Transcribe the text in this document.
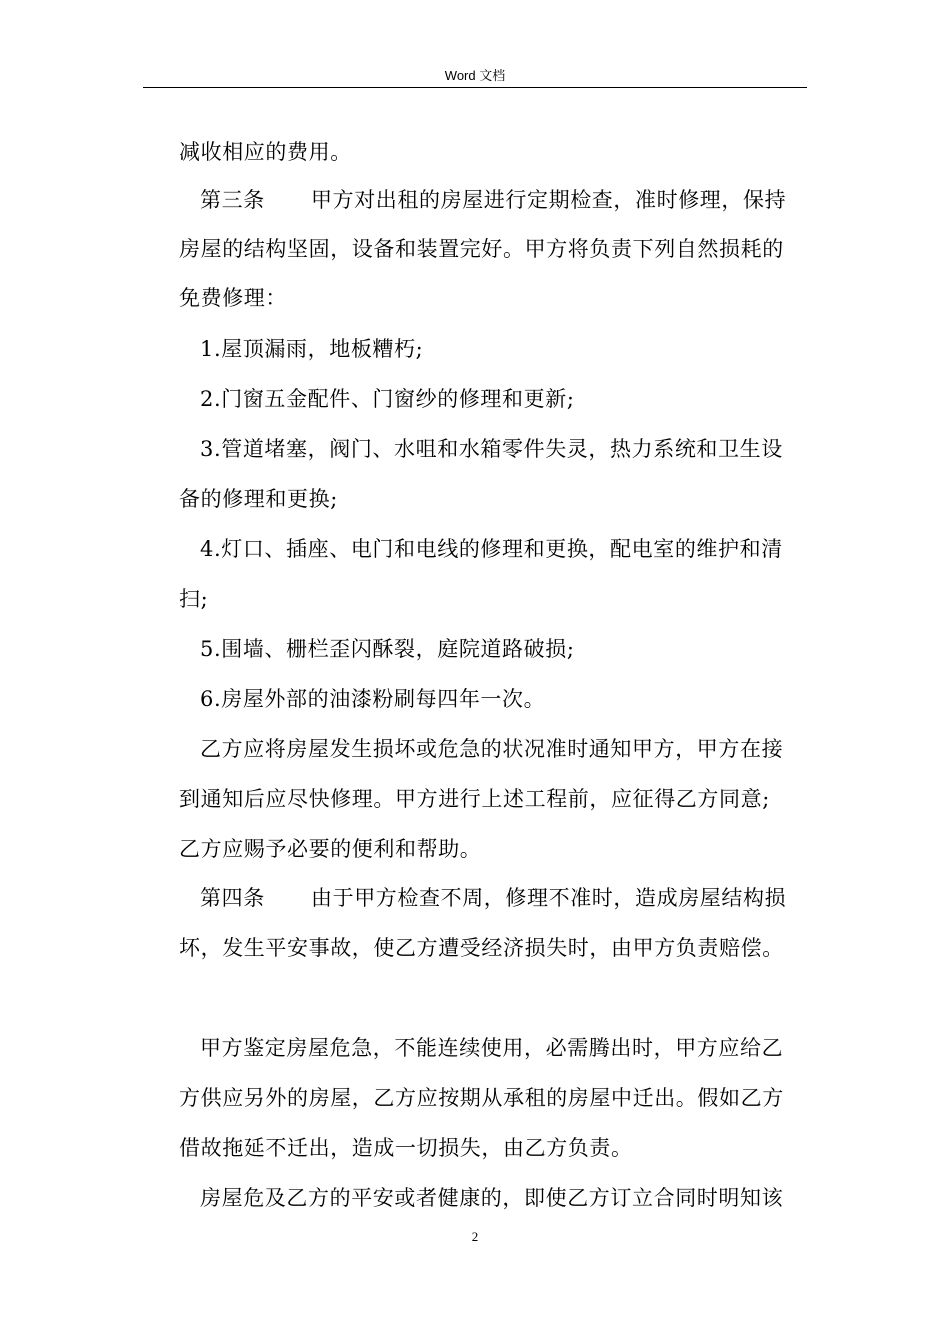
Word 文档
减收相应的费用。
第三条 甲方对出租的房屋进行定期检查，准时修理，保持
房屋的结构坚固，设备和装置完好。甲方将负责下列自然损耗的
免费修理：
1.屋顶漏雨，地板糟朽;
2.门窗五金配件、门窗纱的修理和更新;
3.管道堵塞，阀门、水咀和水箱零件失灵，热力系统和卫生设
备的修理和更换;
4.灯口、插座、电门和电线的修理和更换，配电室的维护和清
扫;
5.围墙、栅栏歪闪酥裂，庭院道路破损;
6.房屋外部的油漆粉刷每四年一次。
乙方应将房屋发生损坏或危急的状况准时通知甲方，甲方在接
到通知后应尽快修理。甲方进行上述工程前，应征得乙方同意;
乙方应赐予必要的便利和帮助。
第四条 由于甲方检查不周，修理不准时，造成房屋结构损
坏，发生平安事故，使乙方遭受经济损失时，由甲方负责赔偿。
甲方鉴定房屋危急，不能连续使用，必需腾出时，甲方应给乙
方供应另外的房屋，乙方应按期从承租的房屋中迁出。假如乙方
借故拖延不迁出，造成一切损失，由乙方负责。
房屋危及乙方的平安或者健康的，即使乙方订立合同时明知该
2
